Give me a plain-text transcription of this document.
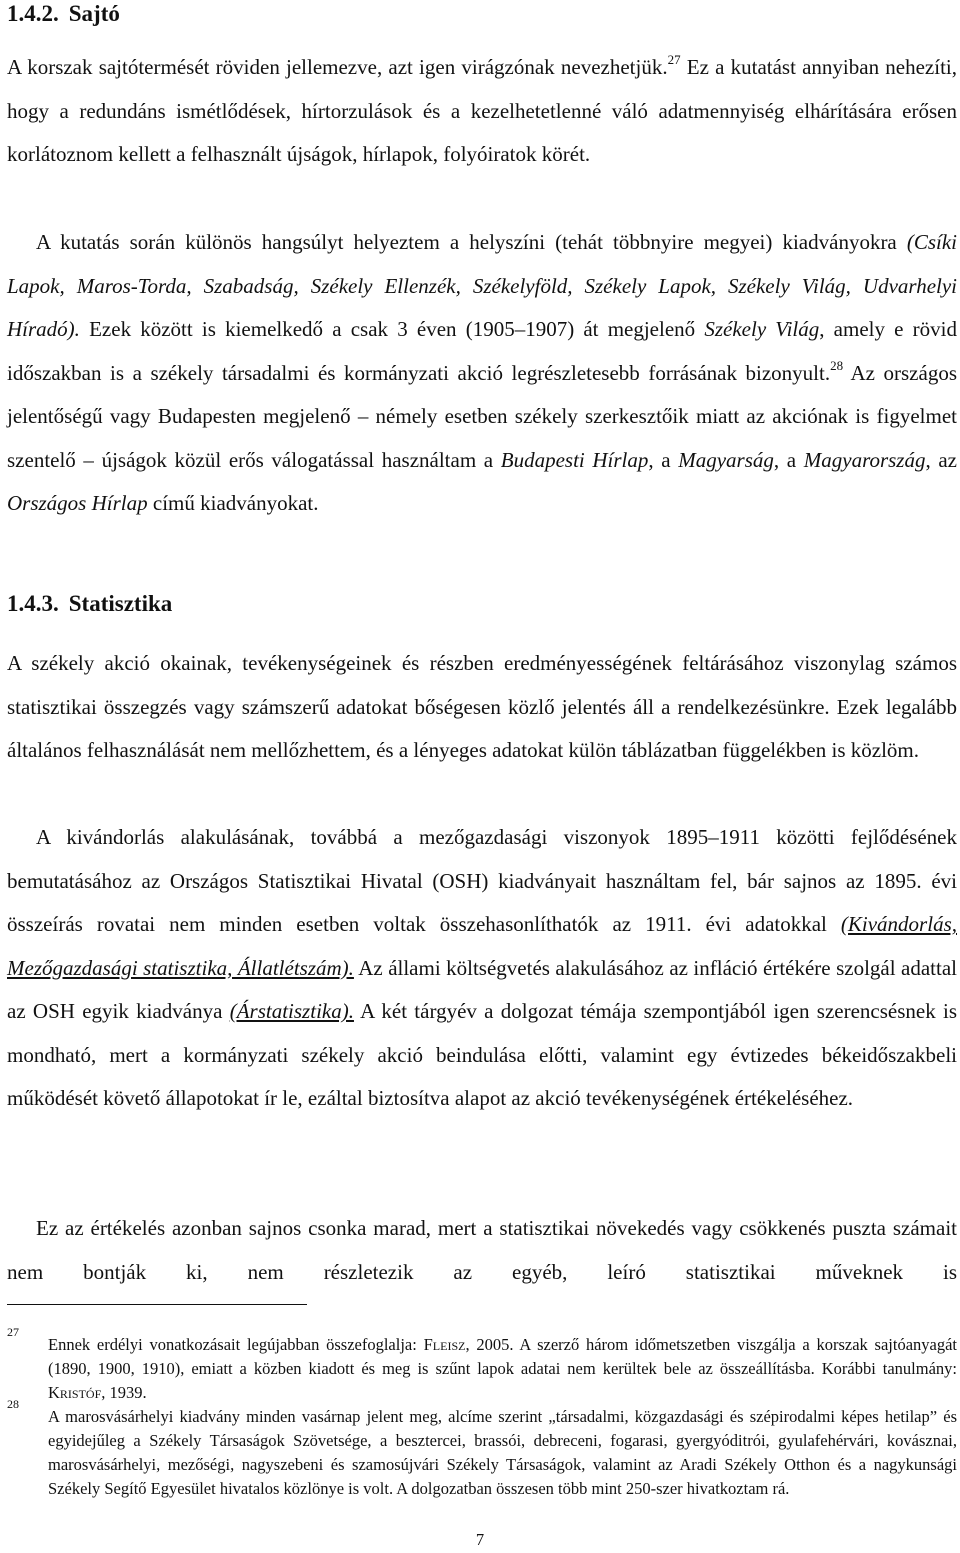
1.4.2. Sajtó

A korszak sajtótermését röviden jellemezve, azt igen virágzónak nevezhetjük.$^{27}$ Ez a kutatást annyiban nehezíti, hogy a redundáns ismétlődések, hírtorzulások és a kezelhetetlenné váló adatmennyiség elhárítására erősen korlátoznom kellett a felhasznált újságok, hírlapok, folyóiratok körét.

A kutatás során különös hangsúlyt helyeztem a helyszíni (tehát többnyire megyei) kiadványokra (Csíki Lapok, Maros-Torda, Szabadság, Székely Ellenzék, Székelyföld, Székely Lapok, Székely Világ, Udvarhelyi Híradó). Ezek között is kiemelkedő a csak 3 éven (1905–1907) át megjelenő Székely Világ, amely e rövid időszakban is a székely társadalmi és kormányzati akció legrészletesebb forrásának bizonyult.$^{28}$ Az országos jelentőségű vagy Budapesten megjelenő – némely esetben székely szerkesztőik miatt az akciónak is figyelmet szentelő – újságok közül erős válogatással használtam a Budapesti Hírlap, a Magyarság, a Magyarország, az Országos Hírlap című kiadványokat.

1.4.3. Statisztika

A székely akció okainak, tevékenységeinek és részben eredményességének feltárásához viszonylag számos statisztikai összegzés vagy számszerű adatokat bőségesen közlő jelentés áll a rendelkezésünkre. Ezek legalább általános felhasználását nem mellőzhettem, és a lényeges adatokat külön táblázatban függelékben is közlöm.

A kivándorlás alakulásának, továbbá a mezőgazdasági viszonyok 1895–1911 közötti fejlődésének bemutatásához az Országos Statisztikai Hivatal (OSH) kiadványait használtam fel, bár sajnos az 1895. évi összeírás rovatai nem minden esetben voltak összehasonlíthatók az 1911. évi adatokkal (Kivándorlás, Mezőgazdasági statisztika, Állatlétszám). Az állami költségvetés alakulásához az infláció értékére szolgál adattal az OSH egyik kiadványa (Árstatisztika). A két tárgyév a dolgozat témája szempontjából igen szerencsésnek is mondható, mert a kormányzati székely akció beindulása előtti, valamint egy évtizedes békeidőszakbeli működését követő állapotokat ír le, ezáltal biztosítva alapot az akció tevékenységének értékeléséhez.

Ez az értékelés azonban sajnos csonka marad, mert a statisztikai növekedés vagy csökkenés puszta számait nem bontják ki, nem részletezik az egyéb, leíró statisztikai műveknek is

27
Ennek erdélyi vonatkozásait legújabban összefoglalja: Fleisz, 2005. A szerző három időmetszetben viszgálja a korszak sajtóanyagát (1890, 1900, 1910), emiatt a közben kiadott és meg is szűnt lapok adatai nem kerültek bele az összeállításba. Korábbi tanulmány: Kristóf, 1939.
28
A marosvásárhelyi kiadvány minden vasárnap jelent meg, alcíme szerint „társadalmi, közgazdasági és szépirodalmi képes hetilap” és egyidejűleg a Székely Társaságok Szövetsége, a besztercei, brassói, debreceni, fogarasi, gyergyóditrói, gyulafehérvári, kovásznai, marosvásárhelyi, mezőségi, nagyszebeni és szamosújvári Székely Társaságok, valamint az Aradi Székely Otthon és a nagykunsági Székely Segítő Egyesület hivatalos közlönye is volt. A dolgozatban összesen több mint 250-szer hivatkoztam rá.
7
